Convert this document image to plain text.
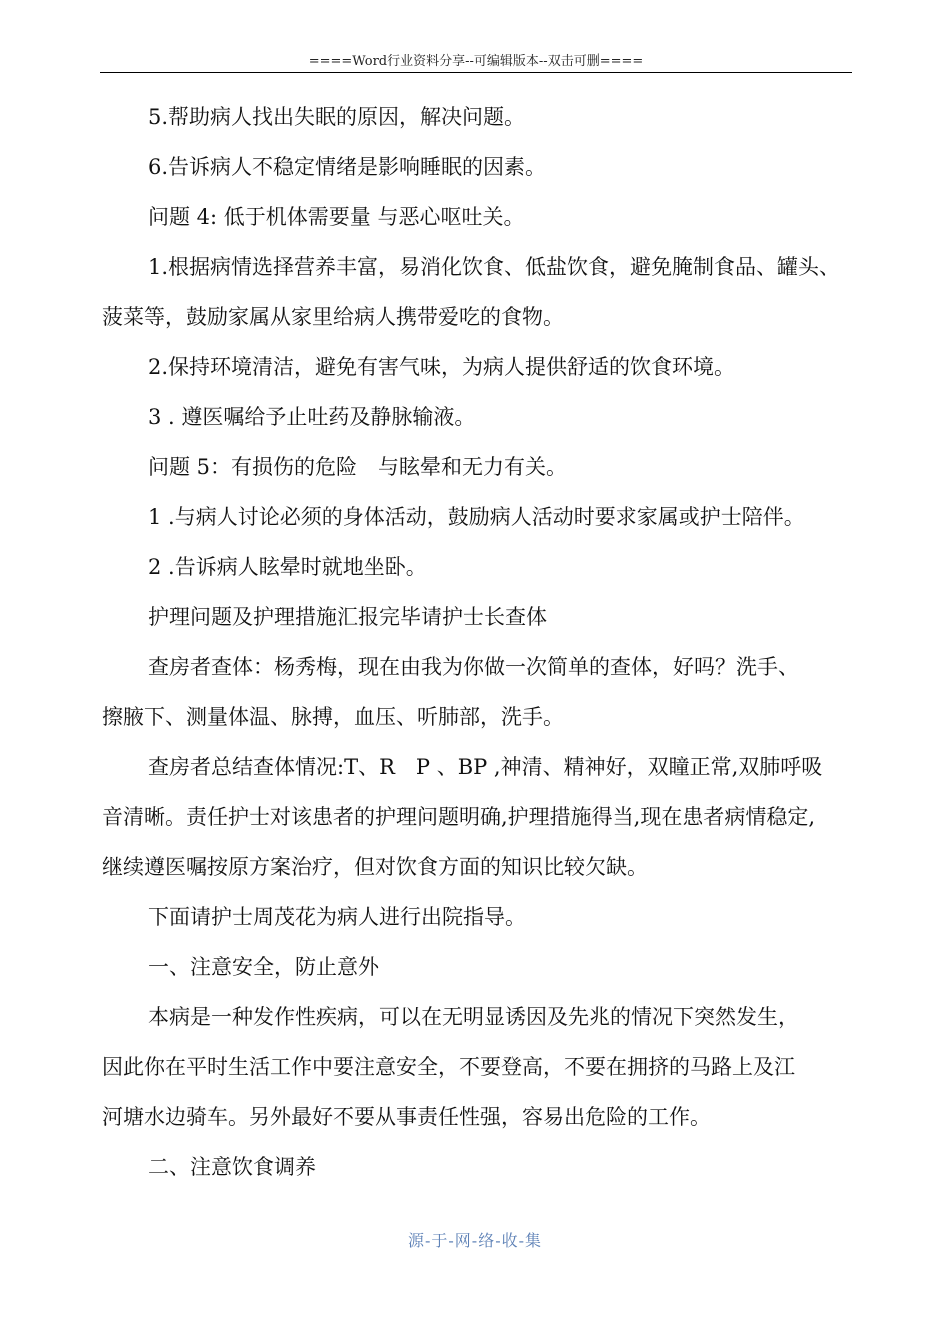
====Word行业资料分享--可编辑版本--双击可删====

5.帮助病人找出失眠的原因，解决问题。

6.告诉病人不稳定情绪是影响睡眠的因素。

问题 4: 低于机体需要量 与恶心呕吐关。

1.根据病情选择营养丰富，易消化饮食、低盐饮食，避免腌制食品、罐头、

菠菜等，鼓励家属从家里给病人携带爱吃的食物。

2.保持环境清洁，避免有害气味，为病人提供舒适的饮食环境。

3 . 遵医嘱给予止吐药及静脉输液。

问题 5：有损伤的危险　与眩晕和无力有关。

1 .与病人讨论必须的身体活动，鼓励病人活动时要求家属或护士陪伴。

2 .告诉病人眩晕时就地坐卧。

护理问题及护理措施汇报完毕请护士长查体

查房者查体：杨秀梅，现在由我为你做一次简单的查体，好吗？洗手、

擦腋下、测量体温、脉搏，血压、听肺部，洗手。

查房者总结查体情况:T、R　P 、BP ,神清、精神好，双瞳正常,双肺呼吸

音清晰。责任护士对该患者的护理问题明确,护理措施得当,现在患者病情稳定,

继续遵医嘱按原方案治疗，但对饮食方面的知识比较欠缺。

下面请护士周茂花为病人进行出院指导。

一、注意安全，防止意外

本病是一种发作性疾病，可以在无明显诱因及先兆的情况下突然发生，

因此你在平时生活工作中要注意安全，不要登高，不要在拥挤的马路上及江

河塘水边骑车。另外最好不要从事责任性强，容易出危险的工作。

二、注意饮食调养

源-于-网-络-收-集
